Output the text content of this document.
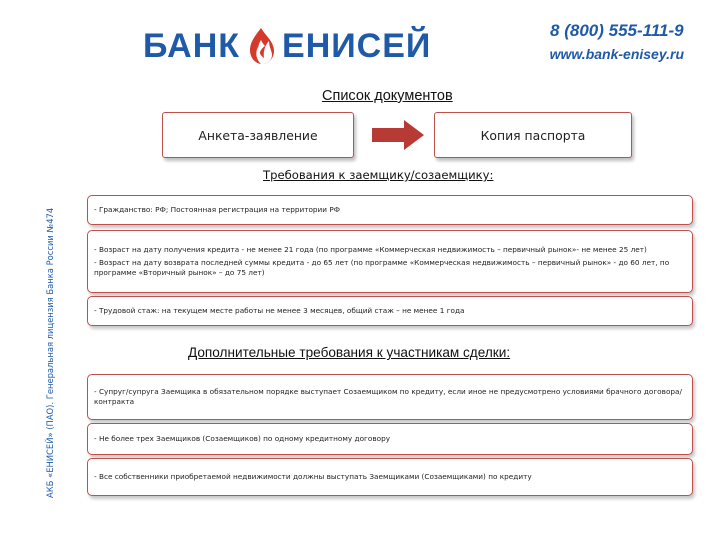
БАНК ЕНИСЕЙ	8 (800) 555-111-9
www.bank-enisey.ru
АКБ «ЕНИСЕЙ» (ПАО). Генеральная лицензия Банка России №474
Список документов
Анкета-заявление	Копия паспорта
Требования к заемщику/созаемщику:

- Гражданство: РФ; Постоянная регистрация на территории РФ

- Возраст на дату получения кредита - не менее 21 года (по программе «Коммерческая недвижимость – первичный рынок»- не менее 25 лет)

- Возраст на дату возврата последней суммы кредита - до 65 лет (по программе «Коммерческая недвижимость – первичный рынок» - до 60 лет, по программе «Вторичный рынок» – до 75 лет)

- Трудовой стаж: на текущем месте работы не менее 3 месяцев, общий стаж – не менее 1 года

Дополнительные требования к участникам сделки:

- Супруг/супруга Заемщика в обязательном порядке выступает Созаемщиком по кредиту, если иное не предусмотрено условиями брачного договора/контракта

- Не более трех Заемщиков (Созаемщиков) по одному кредитному договору

- Все собственники приобретаемой недвижимости должны выступать Заемщиками (Созаемщиками) по кредиту
